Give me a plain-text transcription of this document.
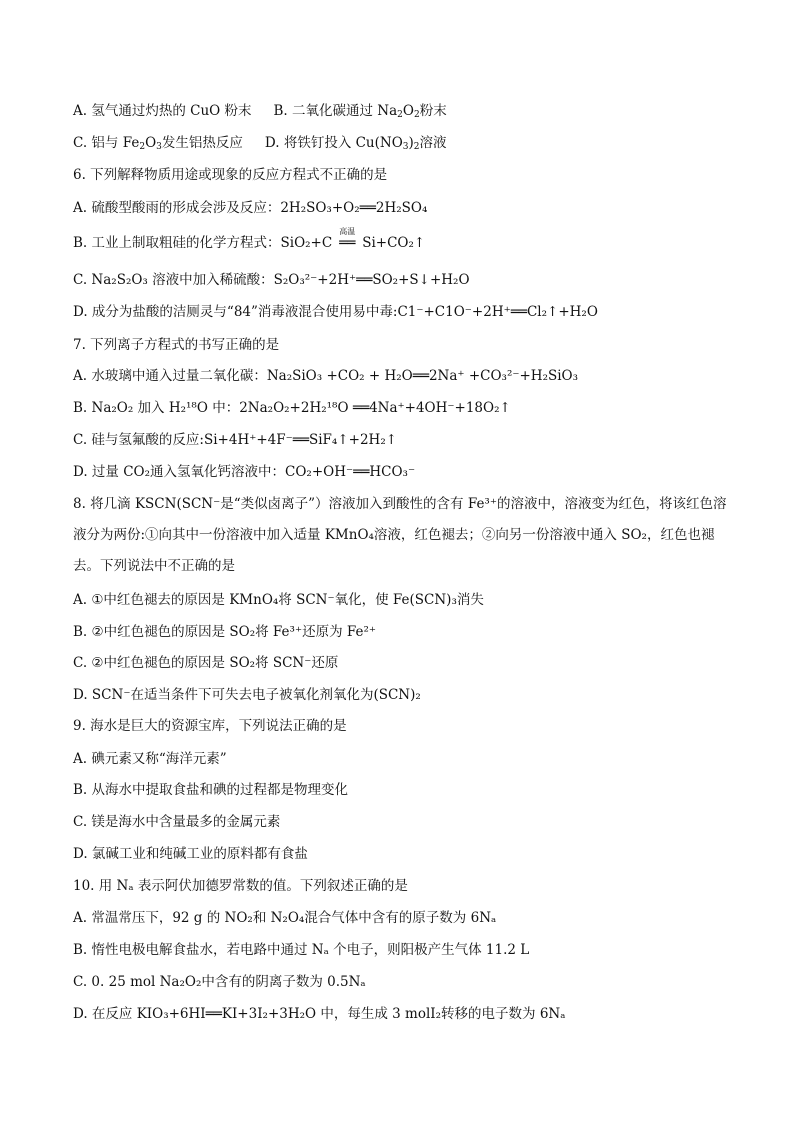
A. 氢气通过灼热的 CuO 粉末 B. 二氧化碳通过 $Na_2O_2$粉末
C. 铝与 $Fe_2O_3$发生铝热反应 D. 将铁钉投入 $Cu(NO_3)_2$溶液
6. 下列解释物质用途或现象的反应方程式不正确的是
A. 硫酸型酸雨的形成会涉及反应：2H₂SO₃+O₂══2H₂SO₄
B. 工业上制取粗硅的化学方程式：SiO₂+C
高温
══ Si+CO₂↑
C. Na₂S₂O₃ 溶液中加入稀硫酸：S₂O₃²⁻+2H⁺══SO₂+S↓+H₂O
D. 成分为盐酸的洁厕灵与“84”消毒液混合使用易中毒:C1⁻+C1O⁻+2H⁺══Cl₂↑+H₂O
7. 下列离子方程式的书写正确的是
A. 水玻璃中通入过量二氧化碳：Na₂SiO₃ +CO₂ + H₂O══2Na⁺ +CO₃²⁻+H₂SiO₃
B. Na₂O₂ 加入 H₂¹⁸O 中：2Na₂O₂+2H₂¹⁸O ══4Na⁺+4OH⁻+18O₂↑
C. 硅与氢氟酸的反应:Si+4H⁺+4F⁻══SiF₄↑+2H₂↑
D. 过量 CO₂通入氢氧化钙溶液中：CO₂+OH⁻══HCO₃⁻
8. 将几滴 KSCN(SCN⁻是“类似卤离子”）溶液加入到酸性的含有 Fe³⁺的溶液中，溶液变为红色，将该红色溶液分为两份:①向其中一份溶液中加入适量 KMnO₄溶液，红色褪去；②向另一份溶液中通入 SO₂，红色也褪去。下列说法中不正确的是
A. ①中红色褪去的原因是 KMnO₄将 SCN⁻氧化，使 Fe(SCN)₃消失
B. ②中红色褪色的原因是 SO₂将 Fe³⁺还原为 Fe²⁺
C. ②中红色褪色的原因是 SO₂将 SCN⁻还原
D. SCN⁻在适当条件下可失去电子被氧化剂氧化为(SCN)₂
9. 海水是巨大的资源宝库，下列说法正确的是
A. 碘元素又称“海洋元素”
B. 从海水中提取食盐和碘的过程都是物理变化
C. 镁是海水中含量最多的金属元素
D. 氯碱工业和纯碱工业的原料都有食盐
10. 用 Nₐ 表示阿伏加德罗常数的值。下列叙述正确的是
A. 常温常压下，92 g 的 NO₂和 N₂O₄混合气体中含有的原子数为 6Nₐ
B. 惰性电极电解食盐水，若电路中通过 Nₐ 个电子，则阳极产生气体 11.2 L
C. 0. 25 mol Na₂O₂中含有的阴离子数为 0.5Nₐ
D. 在反应 KIO₃+6HI══KI+3I₂+3H₂O 中，每生成 3 molI₂转移的电子数为 6Nₐ
